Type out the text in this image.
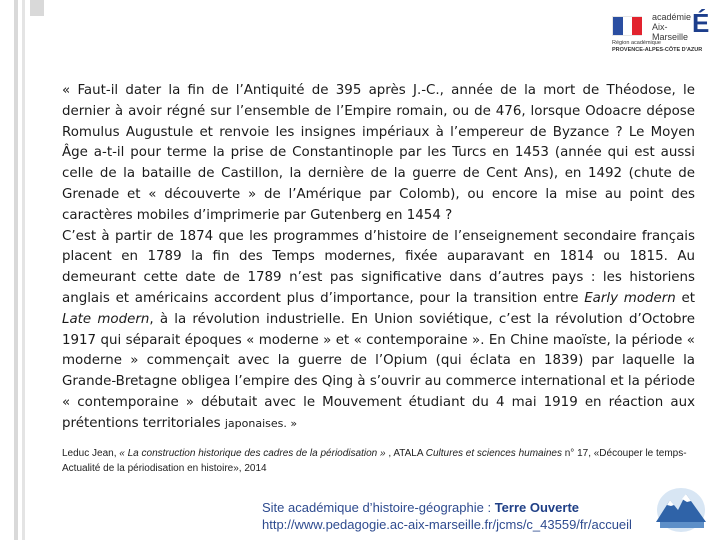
académie
Aix-Marseille É
Région académique
PROVENCE-ALPES-CÔTE D'AZUR

« Faut-il dater la fin de l’Antiquité de 395 après J.-C., année de la mort de Théodose, le dernier à avoir régné sur l’ensemble de l’Empire romain, ou de 476, lorsque Odoacre dépose Romulus Augustule et renvoie les insignes impériaux à l’empereur de Byzance ? Le Moyen Âge a-t-il pour terme la prise de Constantinople par les Turcs en 1453 (année qui est aussi celle de la bataille de Castillon, la dernière de la guerre de Cent Ans), en 1492 (chute de Grenade et « découverte » de l’Amérique par Colomb), ou encore la mise au point des caractères mobiles d’imprimerie par Gutenberg en 1454 ?

C’est à partir de 1874 que les programmes d’histoire de l’enseignement secondaire français placent en 1789 la fin des Temps modernes, fixée auparavant en 1814 ou 1815. Au demeurant cette date de 1789 n’est pas significative dans d’autres pays : les historiens anglais et américains accordent plus d’importance, pour la transition entre Early modern et Late modern, à la révolution industrielle. En Union soviétique, c’est la révolution d’Octobre 1917 qui séparait époques « moderne » et « contemporaine ». En Chine maoïste, la période « moderne » commençait avec la guerre de l’Opium (qui éclata en 1839) par laquelle la Grande-Bretagne obligea l’empire des Qing à s’ouvrir au commerce international et la période « contemporaine » débutait avec le Mouvement étudiant du 4 mai 1919 en réaction aux prétentions territoriales japonaises. »

Leduc Jean, « La construction historique des cadres de la périodisation » , ATALA Cultures et sciences humaines n° 17, «Découper le temps- Actualité de la périodisation en histoire», 2014
Site académique d’histoire-géographie : Terre Ouverte
http://www.pedagogie.ac-aix-marseille.fr/jcms/c_43559/fr/accueil
